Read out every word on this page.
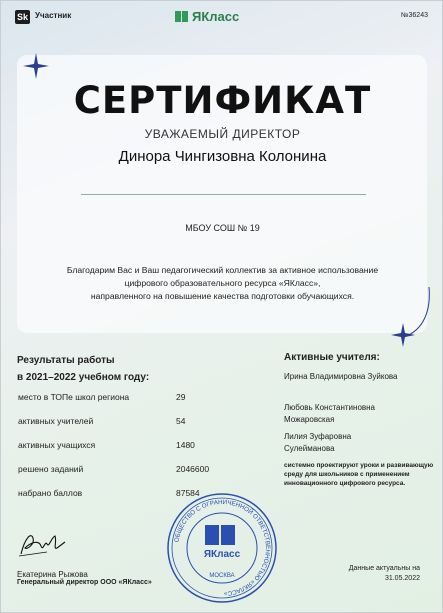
Sk Участник	ЯКласс	№36243
СЕРТИФИКАТ
УВАЖАЕМЫЙ ДИРЕКТОР
Динора Чингизовна Колонина
МБОУ СОШ № 19
Благодарим Вас и Ваш педагогический коллектив за активное использование
цифрового образовательного ресурса «ЯКласс»,
направленного на повышение качества подготовки обучающихся.
Результаты работы
в 2021–2022 учебном году:
место в ТОПе школ региона	29
активных учителей	54
активных учащихся	1480
решено заданий	2046600
набрано баллов	87584
Активные учителя:
Ирина Владимировна Зуйкова
Любовь Константиновна Можаровская
Лилия Зуфаровна Сулейманова
системно проектируют уроки и развивающую среду для школьников с применением инновационного цифрового ресурса.
Екатерина Рыжова
Генеральный директор ООО «ЯКласс»
ОБЩЕСТВО С ОГРАНИЧЕННОЙ ОТВЕТСТВЕННОСТЬЮ «ЯКЛАСС»
ЯКласс
МОСКВА
Данные актуальны на
31.05.2022
